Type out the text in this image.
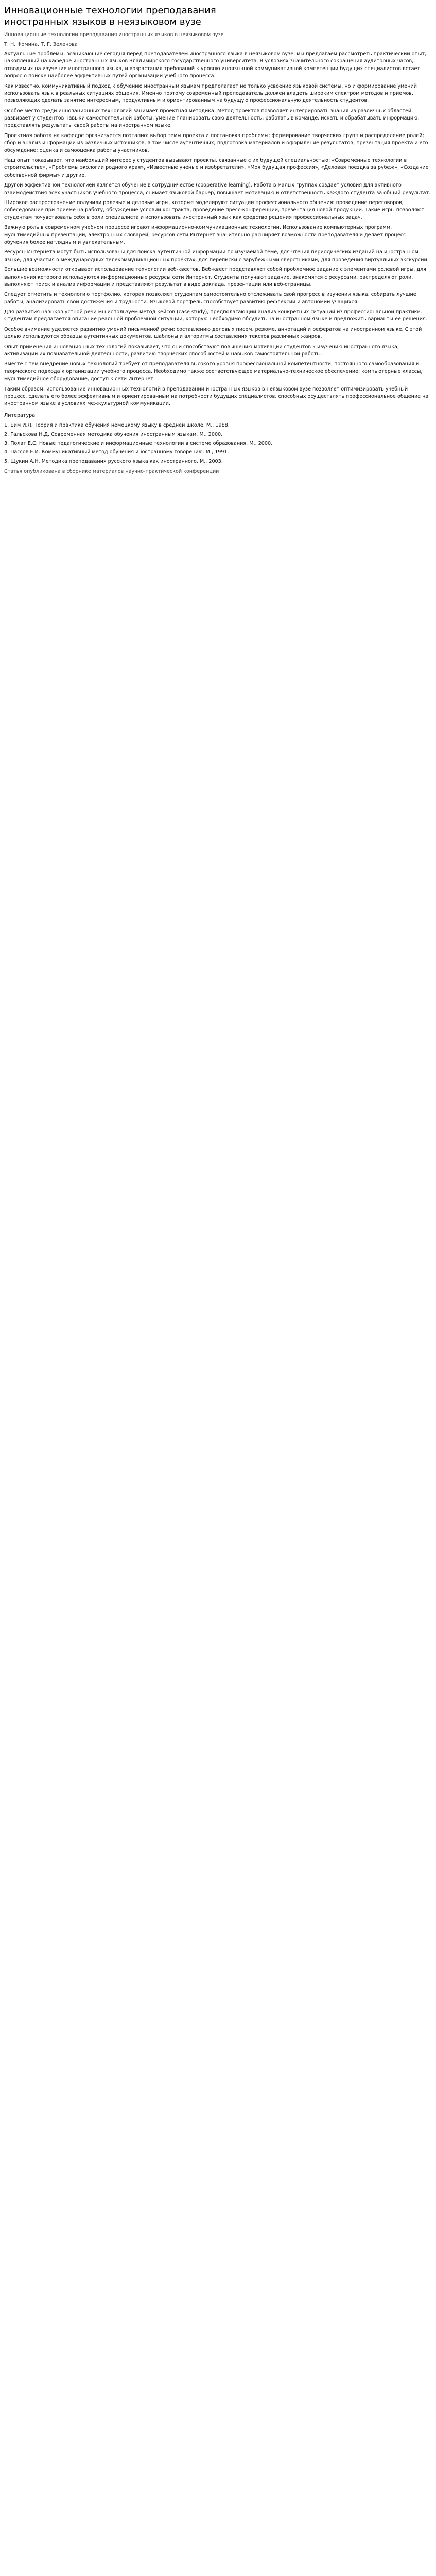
Инновационные технологии преподавания иностранных языков в неязыковом вузе
Инновационные технологии преподавания иностранных языков в неязыковом вузе
Т. Н. Фомина, Т. Г. Зеленова

Актуальные проблемы, возникающие сегодня перед преподавателем иностранного языка в неязыковом вузе, мы предлагаем рассмотреть практический опыт, накопленный на кафедре иностранных языков Владимирского государственного университета. В условиях значительного сокращения аудиторных часов, отводимых на изучение иностранного языка, и возрастания требований к уровню иноязычной коммуникативной компетенции будущих специалистов встает вопрос о поиске наиболее эффективных путей организации учебного процесса.

Как известно, коммуникативный подход к обучению иностранным языкам предполагает не только усвоение языковой системы, но и формирование умений использовать язык в реальных ситуациях общения. Именно поэтому современный преподаватель должен владеть широким спектром методов и приемов, позволяющих сделать занятие интересным, продуктивным и ориентированным на будущую профессиональную деятельность студентов.

Особое место среди инновационных технологий занимает проектная методика. Метод проектов позволяет интегрировать знания из различных областей, развивает у студентов навыки самостоятельной работы, умение планировать свою деятельность, работать в команде, искать и обрабатывать информацию, представлять результаты своей работы на иностранном языке.

Проектная работа на кафедре организуется поэтапно: выбор темы проекта и постановка проблемы; формирование творческих групп и распределение ролей; сбор и анализ информации из различных источников, в том числе аутентичных; подготовка материалов и оформление результатов; презентация проекта и его обсуждение; оценка и самооценка работы участников.

Наш опыт показывает, что наибольший интерес у студентов вызывают проекты, связанные с их будущей специальностью: «Современные технологии в строительстве», «Проблемы экологии родного края», «Известные ученые и изобретатели», «Моя будущая профессия», «Деловая поездка за рубеж», «Создание собственной фирмы» и другие.

Другой эффективной технологией является обучение в сотрудничестве (cooperative learning). Работа в малых группах создает условия для активного взаимодействия всех участников учебного процесса, снимает языковой барьер, повышает мотивацию и ответственность каждого студента за общий результат.

Широкое распространение получили ролевые и деловые игры, которые моделируют ситуации профессионального общения: проведение переговоров, собеседование при приеме на работу, обсуждение условий контракта, проведение пресс-конференции, презентация новой продукции. Такие игры позволяют студентам почувствовать себя в роли специалиста и использовать иностранный язык как средство решения профессиональных задач.

Важную роль в современном учебном процессе играют информационно-коммуникационные технологии. Использование компьютерных программ, мультимедийных презентаций, электронных словарей, ресурсов сети Интернет значительно расширяет возможности преподавателя и делает процесс обучения более наглядным и увлекательным.

Ресурсы Интернета могут быть использованы для поиска аутентичной информации по изучаемой теме, для чтения периодических изданий на иностранном языке, для участия в международных телекоммуникационных проектах, для переписки с зарубежными сверстниками, для проведения виртуальных экскурсий.

Большие возможности открывает использование технологии веб-квестов. Веб-квест представляет собой проблемное задание с элементами ролевой игры, для выполнения которого используются информационные ресурсы сети Интернет. Студенты получают задание, знакомятся с ресурсами, распределяют роли, выполняют поиск и анализ информации и представляют результат в виде доклада, презентации или веб-страницы.

Следует отметить и технологию портфолио, которая позволяет студентам самостоятельно отслеживать свой прогресс в изучении языка, собирать лучшие работы, анализировать свои достижения и трудности. Языковой портфель способствует развитию рефлексии и автономии учащихся.

Для развития навыков устной речи мы используем метод кейсов (case study), предполагающий анализ конкретных ситуаций из профессиональной практики. Студентам предлагается описание реальной проблемной ситуации, которую необходимо обсудить на иностранном языке и предложить варианты ее решения.

Особое внимание уделяется развитию умений письменной речи: составлению деловых писем, резюме, аннотаций и рефератов на иностранном языке. С этой целью используются образцы аутентичных документов, шаблоны и алгоритмы составления текстов различных жанров.

Опыт применения инновационных технологий показывает, что они способствуют повышению мотивации студентов к изучению иностранного языка, активизации их познавательной деятельности, развитию творческих способностей и навыков самостоятельной работы.

Вместе с тем внедрение новых технологий требует от преподавателя высокого уровня профессиональной компетентности, постоянного самообразования и творческого подхода к организации учебного процесса. Необходимо также соответствующее материально-техническое обеспечение: компьютерные классы, мультимедийное оборудование, доступ к сети Интернет.

Таким образом, использование инновационных технологий в преподавании иностранных языков в неязыковом вузе позволяет оптимизировать учебный процесс, сделать его более эффективным и ориентированным на потребности будущих специалистов, способных осуществлять профессиональное общение на иностранном языке в условиях межкультурной коммуникации.

Литература

1. Бим И.Л. Теория и практика обучения немецкому языку в средней школе. М., 1988.

2. Гальскова Н.Д. Современная методика обучения иностранным языкам. М., 2000.

3. Полат Е.С. Новые педагогические и информационные технологии в системе образования. М., 2000.

4. Пассов Е.И. Коммуникативный метод обучения иностранному говорению. М., 1991.

5. Щукин А.Н. Методика преподавания русского языка как иностранного. М., 2003.

Статья опубликована в сборнике материалов научно-практической конференции
